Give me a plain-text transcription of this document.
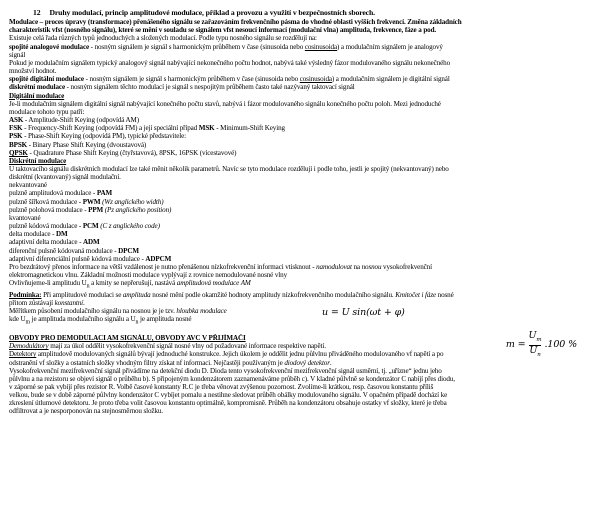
12 Druhy modulací, princip amplitudové modulace, příklad a provozu a využití v bezpečnostních sborech.
Modulace – proces úpravy (transformace) přenášeného signálu se zařazováním frekvenčního pásma do vhodné oblasti vyšších frekvencí. Změna základních
charakteristik vfst (nosného signálu), které se mění v souladu se signálem vfst nesoucí informací (modulační vlna) amplituda, frekvence, fáze a pod.
Existuje celá řada různých typů jednoduchých a složených modulací. Podle typu nosného signálu se rozdělují na:
spojité analogové modulace - nosným signálem je signál s harmonickým průběhem v čase (sinusoida nebo cosinusoida) a modulačním signálem je analogový
signál
Pokud je modulačním signálem typický analogový signál nabývající nekonečného počtu hodnot, nabývá také výsledný fázor modulovaného signálu nekonečného
množství hodnot.
spojité digitální modulace - nosným signálem je signál s harmonickým průběhem v čase (sinusoida nebo cosinusoida) a modulačním signálem je digitální signál
diskrétní modulace - nosným signálem těchto modulací je signál s nespojitým průběhem často také nazývaný taktovací signál
Digitální modulace
Je-li modulačním signálem digitální signál nabývající konečného počtu stavů, nabývá i fázor modulovaného signálu konečného počtu poloh. Mezi jednoduché
modulace tohoto typu patří:
ASK - Amplitude-Shift Keying (odpovídá AM)
FSK - Frequency-Shift Keying (odpovídá FM) a její speciální případ MSK - Minimum-Shift Keying
PSK - Phase-Shift Keying (odpovídá PM), typické představitele:
BPSK - Binary Phase Shift Keying (dvoustavová)
QPSK - Quadrature Phase Shift Keying (čtyřstavová), 8PSK, 16PSK (vícestavové)
Diskrétní modulace
U taktovacího signálu diskrétních modulací lze také měnit několik parametrů. Navíc se tyto modulace rozdělují i podle toho, jestli je spojitý (nekvantovaný) nebo
diskrétní (kvantovaný) signál modulační.
nekvantované
pulzně amplitudová modulace - PAM
pulzně šířková modulace - PWM (Wz anglického width)
pulzně polohová modulace - PPM (Pz anglického position)
kvantované
pulzně kódová modulace - PCM (C z anglického code)
delta modulace - DM
adaptivní delta modulace - ADM
diferenční pulsně kódovaná modulace - DPCM
adaptivní diferenciální pulsně kódová modulace - ADPCM
Pro bezdrátový přenos informace na větší vzdálenost je nutno přenášenou nízkofrekvenční informaci vtisknout - namodulovat na nosnou vysokofrekvenční
elektromagnetickou vlnu. Základní možnosti modulace vyplývají z rovnice nemodulované nosné vlny
Ovlivňujeme-li amplitudu $U_n$ a kmity se nepřerušují, nastává amplitudová modulace AM
Podmínka: Při amplitudové modulaci se amplituda nosné mění podle okamžité hodnoty amplitudy nízkofrekvenčního modulačního signálu. Kmitočet i fáze nosné
přitom zůstávají konstantní.
Měřítkem působení modulačního signálu na nosnou je je tzv. hloubka modulace
kde $U_m$ je amplituda modulačního signálu a $U_n$ je amplituda nosné
u = U sin(ωt + φ)
OBVODY PRO DEMODULACI AM SIGNÁLU, OBVODY AVC V PŘIJÍMAČI
$m = \frac{U_m}{U_n} .100$ %
Demodulátory mají za úkol oddělit vysokofrekvenční signál nosné vlny od požadované informace respektive napětí.
Detektory amplitudově modulovaných signálů bývají jednoduché konstrukce. Jejich úkolem je oddělit jednu půlvlnu přiváděného modulovaného vf napětí a po
odstranění vf složky a ostatních složky vhodným filtry získat nf informaci. Nejčastěji používaným je diodový detektor.
Vysokofrekvenční mezifrekvenční signál přivádíme na detekční diodu D. Dioda tento vysokofrekvenční mezifrekvenční signál usměrní, tj. „uřízne“ jednu jeho
půlvlnu a na rezistoru se objeví signál o průběhu b). S připojeným kondenzátorem zaznamenáváme průběh c). V kladné půlvlně se kondenzátor C nabíjí přes diodu,
v záporné se pak vybíjí přes rezistor R. Volbě časové konstanty R.C je třeba věnovat zvýšenou pozornost. Zvolíme-li krátkou, resp. časovou konstantu příliš
velkou, bude se v době záporné půlvlny kondenzátor C vybíjet pomalu a nestihne sledovat průběh obálky modulovaného signálu. V opačném případě dochází ke
zkreslení útlumové detektoru. Je proto třeba volit časovou konstantu optimálně, kompromisně. Průběh na kondenzátoru obsahuje ostatky vf složky, které je třeba
odfiltrovat a je nesporponován na stejnosměrnou složku.
